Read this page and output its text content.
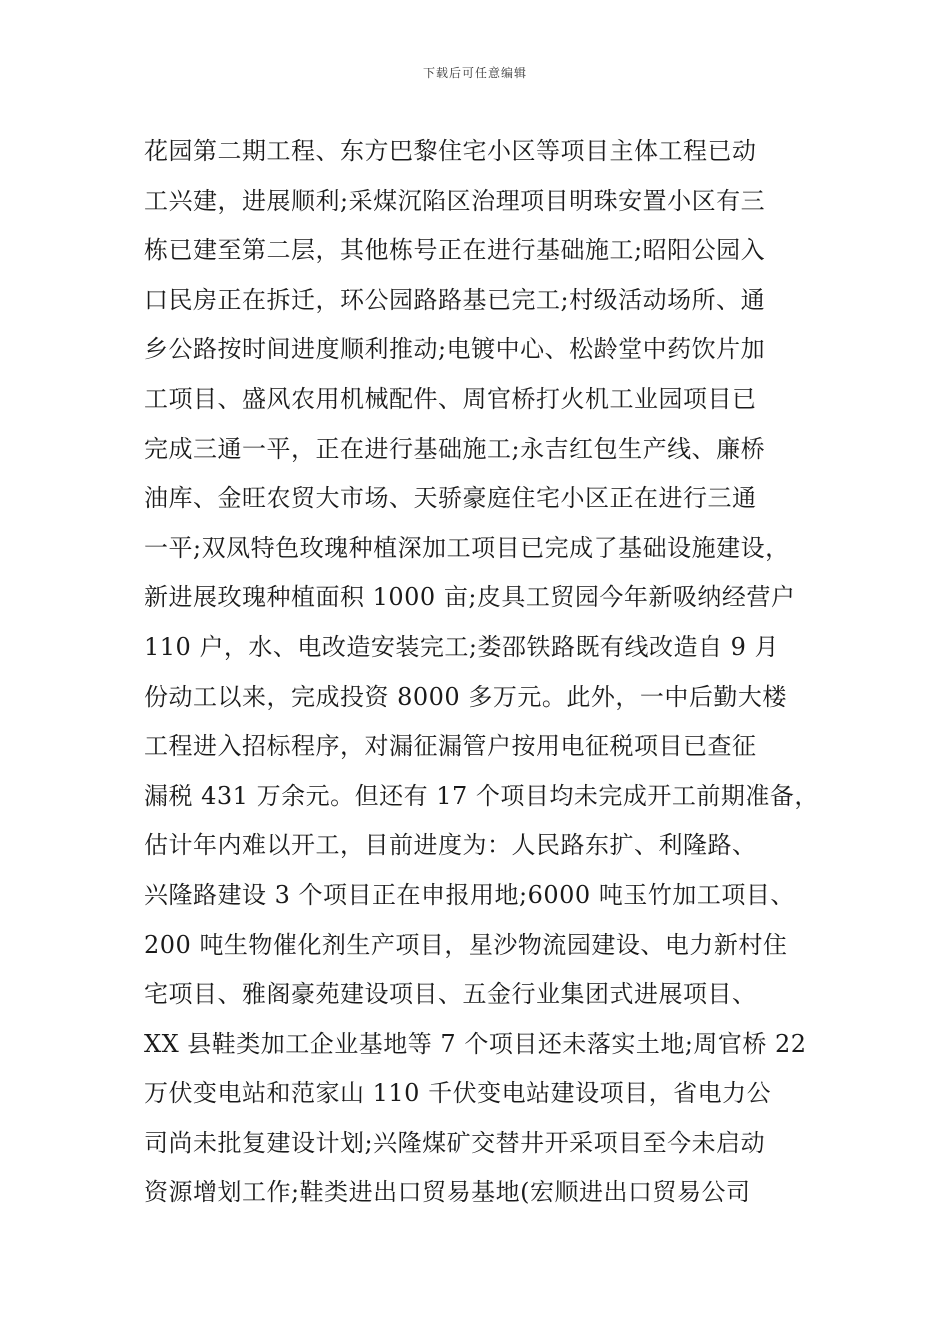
下载后可任意编辑
花园第二期工程、东方巴黎住宅小区等项目主体工程已动
工兴建，进展顺利;采煤沉陷区治理项目明珠安置小区有三
栋已建至第二层，其他栋号正在进行基础施工;昭阳公园入
口民房正在拆迁，环公园路路基已完工;村级活动场所、通
乡公路按时间进度顺利推动;电镀中心、松龄堂中药饮片加
工项目、盛风农用机械配件、周官桥打火机工业园项目已
完成三通一平，正在进行基础施工;永吉红包生产线、廉桥
油库、金旺农贸大市场、天骄豪庭住宅小区正在进行三通
一平;双凤特色玫瑰种植深加工项目已完成了基础设施建设，
新进展玫瑰种植面积 1000 亩;皮具工贸园今年新吸纳经营户
110 户，水、电改造安装完工;娄邵铁路既有线改造自 9 月
份动工以来，完成投资 8000 多万元。此外，一中后勤大楼
工程进入招标程序，对漏征漏管户按用电征税项目已查征
漏税 431 万余元。但还有 17 个项目均未完成开工前期准备，
估计年内难以开工，目前进度为：人民路东扩、利隆路、
兴隆路建设 3 个项目正在申报用地;6000 吨玉竹加工项目、
200 吨生物催化剂生产项目，星沙物流园建设、电力新村住
宅项目、雅阁豪苑建设项目、五金行业集团式进展项目、
XX 县鞋类加工企业基地等 7 个项目还未落实土地;周官桥 22
万伏变电站和范家山 110 千伏变电站建设项目，省电力公
司尚未批复建设计划;兴隆煤矿交替井开采项目至今未启动
资源增划工作;鞋类进出口贸易基地(宏顺进出口贸易公司
